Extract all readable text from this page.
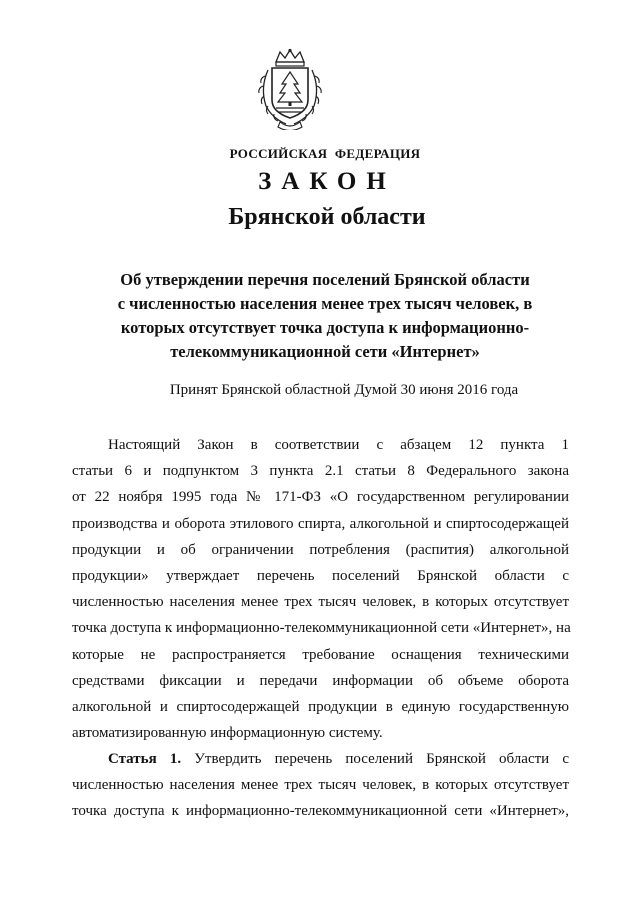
РОССИЙСКАЯ ФЕДЕРАЦИЯ
ЗАКОН
Брянской области
Об утверждении перечня поселений Брянской области
с численностью населения менее трех тысяч человек, в
которых отсутствует точка доступа к информационно-
телекоммуникационной сети «Интернет»
Принят Брянской областной Думой 30 июня 2016 года
Настоящий Закон в соответствии с абзацем 12 пункта 1
статьи 6 и подпунктом 3 пункта 2.1 статьи 8 Федерального закона
от 22 ноября 1995 года № 171-ФЗ «О государственном регулировании
производства и оборота этилового спирта, алкогольной и спиртосодержащей
продукции и об ограничении потребления (распития) алкогольной
продукции» утверждает перечень поселений Брянской области с
численностью населения менее трех тысяч человек, в которых отсутствует
точка доступа к информационно-телекоммуникационной сети «Интернет», на
которые не распространяется требование оснащения техническими
средствами фиксации и передачи информации об объеме оборота
алкогольной и спиртосодержащей продукции в единую государственную
автоматизированную информационную систему.
Статья 1. Утвердить перечень поселений Брянской области с
численностью населения менее трех тысяч человек, в которых отсутствует
точка доступа к информационно-телекоммуникационной сети «Интернет»,
